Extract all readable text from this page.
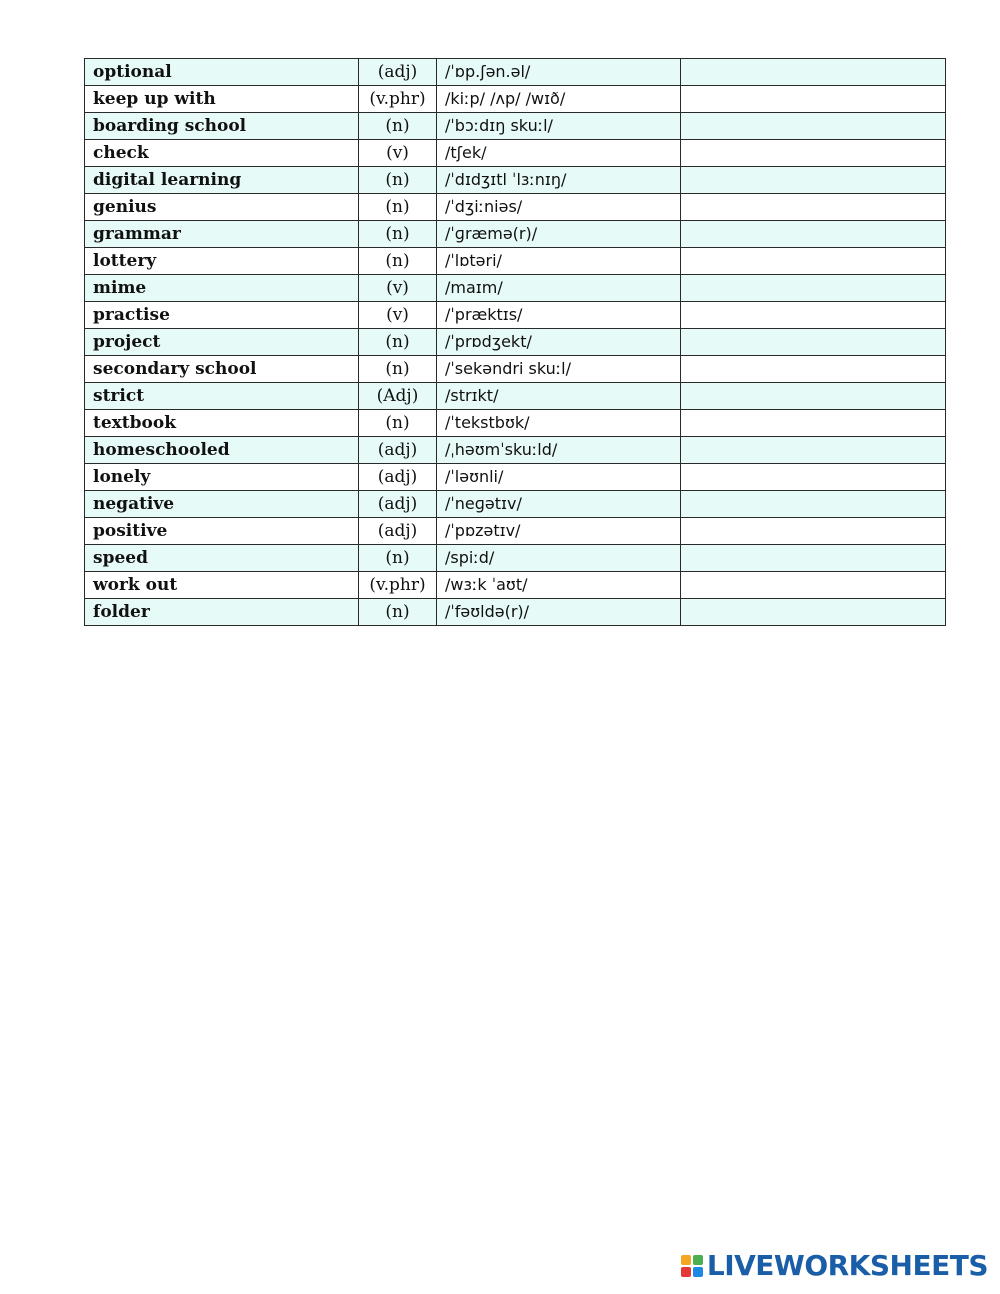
optional	(adj)	/ˈɒp.ʃən.əl/	
keep up with	(v.phr)	/kiːp/ /ʌp/ /wɪð/	
boarding school	(n)	/ˈbɔːdɪŋ skuːl/	
check	(v)	/tʃek/	
digital learning	(n)	/ˈdɪdʒɪtl ˈlɜːnɪŋ/	
genius	(n)	/ˈdʒiːniəs/	
grammar	(n)	/ˈɡræmə(r)/	
lottery	(n)	/ˈlɒtəri/	
mime	(v)	/maɪm/	
practise	(v)	/ˈpræktɪs/	
project	(n)	/ˈprɒdʒekt/	
secondary school	(n)	/ˈsekəndri skuːl/	
strict	(Adj)	/strɪkt/	
textbook	(n)	/ˈtekstbʊk/	
homeschooled	(adj)	/ˌhəʊmˈskuːld/	
lonely	(adj)	/ˈləʊnli/	
negative	(adj)	/ˈneɡətɪv/	
positive	(adj)	/ˈpɒzətɪv/	
speed	(n)	/spiːd/	
work out	(v.phr)	/wɜːk ˈaʊt/	
folder	(n)	/ˈfəʊldə(r)/	
LIVEWORKSHEETS
